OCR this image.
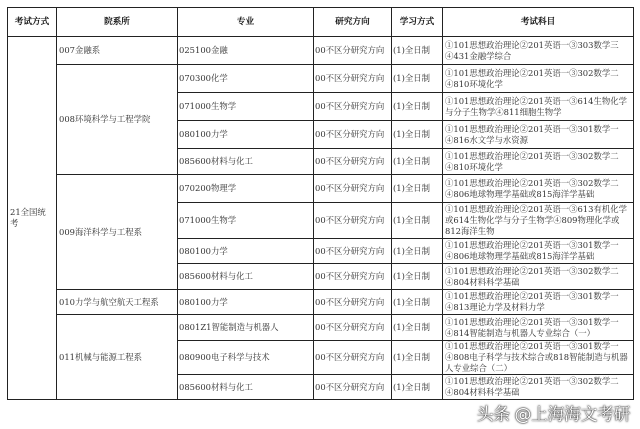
考试方式	院系所	专业	研究方向	学习方式	考试科目
21全国统考	007金融系	025100金融	00不区分研究方向	(1)全日制	①101思想政治理论②201英语一③303数学三④431金融学综合
	008环境科学与工程学院	070300化学	00不区分研究方向	(1)全日制	①101思想政治理论②201英语一③302数学二④810环境化学
		071000生物学	00不区分研究方向	(1)全日制	①101思想政治理论②201英语一③614生物化学与分子生物学④811细胞生物学
		080100力学	00不区分研究方向	(1)全日制	①101思想政治理论②201英语一③301数学一④816水文学与水资源
		085600材料与化工	00不区分研究方向	(1)全日制	①101思想政治理论②201英语一③302数学二④810环境化学
	009海洋科学与工程系	070200物理学	00不区分研究方向	(1)全日制	①101思想政治理论②201英语一③302数学二④806地球物理学基础或815海洋学基础
		071000生物学	00不区分研究方向	(1)全日制	①101思想政治理论②201英语一③613有机化学或614生物化学与分子生物学④809物理化学或812海洋生物
		080100力学	00不区分研究方向	(1)全日制	①101思想政治理论②201英语一③301数学一④806地球物理学基础或815海洋学基础
		085600材料与化工	00不区分研究方向	(1)全日制	①101思想政治理论②201英语一③302数学二④804材料科学基础
	010力学与航空航天工程系	080100力学	00不区分研究方向	(1)全日制	①101思想政治理论②201英语一③301数学一④813理论力学及材料力学
	011机械与能源工程系	0801Z1智能制造与机器人	00不区分研究方向	(1)全日制	①101思想政治理论②201英语一③301数学一④814智能制造与机器人专业综合（一）
		080900电子科学与技术	00不区分研究方向	(1)全日制	①101思想政治理论②201英语一③301数学一④808电子科学与技术综合或818智能制造与机器人专业综合（二）
		085600材料与化工	00不区分研究方向	(1)全日制	①101思想政治理论②201英语一③302数学二④804材料科学基础
头条 @上海海文考研
